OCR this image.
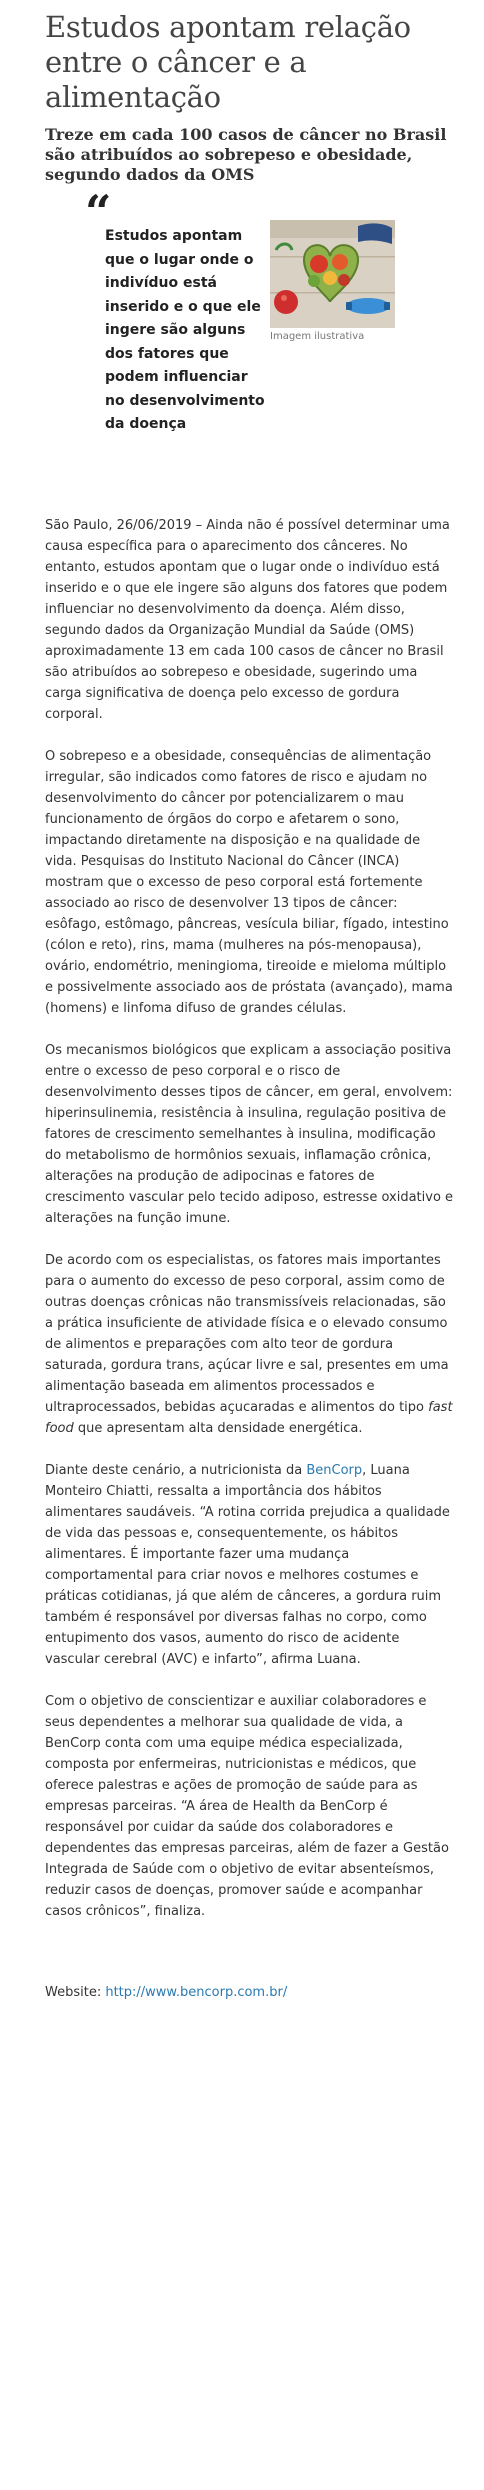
Estudos apontam relação entre o câncer e a alimentação
Treze em cada 100 casos de câncer no Brasil são atribuídos ao sobrepeso e obesidade, segundo dados da OMS
“
Estudos apontam que o lugar onde o indivíduo está inserido e o que ele ingere são alguns dos fatores que podem influenciar no desenvolvimento da doença
Imagem ilustrativa

São Paulo, 26/06/2019 – Ainda não é possível determinar uma causa específica para o aparecimento dos cânceres. No entanto, estudos apontam que o lugar onde o indivíduo está inserido e o que ele ingere são alguns dos fatores que podem influenciar no desenvolvimento da doença. Além disso, segundo dados da Organização Mundial da Saúde (OMS) aproximadamente 13 em cada 100 casos de câncer no Brasil são atribuídos ao sobrepeso e obesidade, sugerindo uma carga significativa de doença pelo excesso de gordura corporal.

O sobrepeso e a obesidade, consequências de alimentação irregular, são indicados como fatores de risco e ajudam no desenvolvimento do câncer por potencializarem o mau funcionamento de órgãos do corpo e afetarem o sono, impactando diretamente na disposição e na qualidade de vida. Pesquisas do Instituto Nacional do Câncer (INCA) mostram que o excesso de peso corporal está fortemente associado ao risco de desenvolver 13 tipos de câncer: esôfago, estômago, pâncreas, vesícula biliar, fígado, intestino (cólon e reto), rins, mama (mulheres na pós-menopausa), ovário, endométrio, meningioma, tireoide e mieloma múltiplo e possivelmente associado aos de próstata (avançado), mama (homens) e linfoma difuso de grandes células.

Os mecanismos biológicos que explicam a associação positiva entre o excesso de peso corporal e o risco de desenvolvimento desses tipos de câncer, em geral, envolvem: hiperinsulinemia, resistência à insulina, regulação positiva de fatores de crescimento semelhantes à insulina, modificação do metabolismo de hormônios sexuais, inflamação crônica, alterações na produção de adipocinas e fatores de crescimento vascular pelo tecido adiposo, estresse oxidativo e alterações na função imune.

De acordo com os especialistas, os fatores mais importantes para o aumento do excesso de peso corporal, assim como de outras doenças crônicas não transmissíveis relacionadas, são a prática insuficiente de atividade física e o elevado consumo de alimentos e preparações com alto teor de gordura saturada, gordura trans, açúcar livre e sal, presentes em uma alimentação baseada em alimentos processados e ultraprocessados, bebidas açucaradas e alimentos do tipo fast food que apresentam alta densidade energética.

Diante deste cenário, a nutricionista da BenCorp, Luana Monteiro Chiatti, ressalta a importância dos hábitos alimentares saudáveis. “A rotina corrida prejudica a qualidade de vida das pessoas e, consequentemente, os hábitos alimentares. É importante fazer uma mudança comportamental para criar novos e melhores costumes e práticas cotidianas, já que além de cânceres, a gordura ruim também é responsável por diversas falhas no corpo, como entupimento dos vasos, aumento do risco de acidente vascular cerebral (AVC) e infarto”, afirma Luana.

Com o objetivo de conscientizar e auxiliar colaboradores e seus dependentes a melhorar sua qualidade de vida, a BenCorp conta com uma equipe médica especializada, composta por enfermeiras, nutricionistas e médicos, que oferece palestras e ações de promoção de saúde para as empresas parceiras. “A área de Health da BenCorp é responsável por cuidar da saúde dos colaboradores e dependentes das empresas parceiras, além de fazer a Gestão Integrada de Saúde com o objetivo de evitar absenteísmos, reduzir casos de doenças, promover saúde e acompanhar casos crônicos”, finaliza.

Website: http://www.bencorp.com.br/
